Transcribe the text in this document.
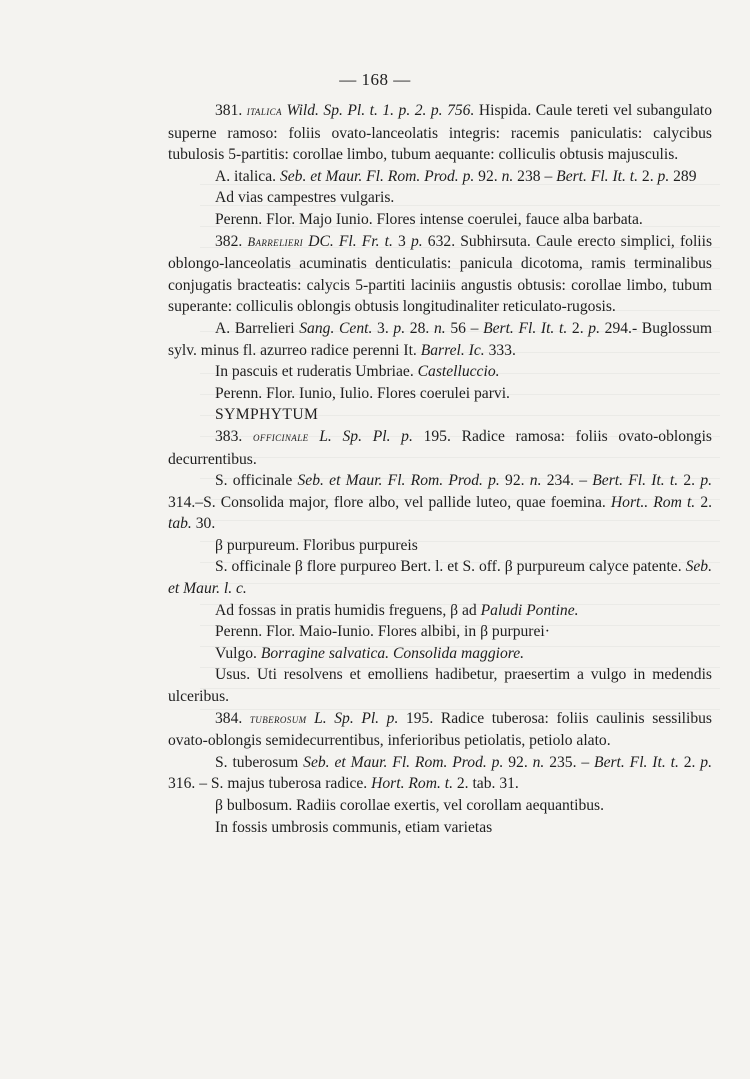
— 168 —

381. italica Wild. Sp. Pl. t. 1. p. 2. p. 756. Hispida. Caule tereti vel subangulato superne ramoso: foliis ovato-lanceolatis integris: racemis paniculatis: calycibus tubulosis 5-partitis: corollae limbo, tubum aequante: colliculis obtusis majusculis.

A. italica. Seb. et Maur. Fl. Rom. Prod. p. 92. n. 238 – Bert. Fl. It. t. 2. p. 289

Ad vias campestres vulgaris.

Perenn. Flor. Majo Iunio. Flores intense coerulei, fauce alba barbata.

382. Barrelieri DC. Fl. Fr. t. 3 p. 632. Subhirsuta. Caule erecto simplici, foliis oblongo-lanceolatis acuminatis denticulatis: panicula dicotoma, ramis terminalibus conjugatis bracteatis: calycis 5-partiti laciniis angustis obtusis: corollae limbo, tubum superante: colliculis oblongis obtusis longitudinaliter reticulato-rugosis.

A. Barrelieri Sang. Cent. 3. p. 28. n. 56 – Bert. Fl. It. t. 2. p. 294.- Buglossum sylv. minus fl. azurreo radice perenni It. Barrel. Ic. 333.

In pascuis et ruderatis Umbriae. Castelluccio.

Perenn. Flor. Iunio, Iulio. Flores coerulei parvi.

SYMPHYTUM

383. officinale L. Sp. Pl. p. 195. Radice ramosa: foliis ovato-oblongis decurrentibus.

S. officinale Seb. et Maur. Fl. Rom. Prod. p. 92. n. 234. – Bert. Fl. It. t. 2. p. 314.–S. Consolida major, flore albo, vel pallide luteo, quae foemina. Hort.. Rom t. 2. tab. 30.

β purpureum. Floribus purpureis

S. officinale β flore purpureo Bert. l. et S. off. β purpureum calyce patente. Seb. et Maur. l. c.

Ad fossas in pratis humidis freguens, β ad Paludi Pontine.

Perenn. Flor. Maio-Iunio. Flores albibi, in β purpurei·

Vulgo. Borragine salvatica. Consolida maggiore.

Usus. Uti resolvens et emolliens hadibetur, praesertim a vulgo in medendis ulceribus.

384. tuberosum L. Sp. Pl. p. 195. Radice tuberosa: foliis caulinis sessilibus ovato-oblongis semidecurrentibus, inferioribus petiolatis, petiolo alato.

S. tuberosum Seb. et Maur. Fl. Rom. Prod. p. 92. n. 235. – Bert. Fl. It. t. 2. p. 316. – S. majus tuberosa radice. Hort. Rom. t. 2. tab. 31.

β bulbosum. Radiis corollae exertis, vel corollam aequantibus.

In fossis umbrosis communis, etiam varietas
